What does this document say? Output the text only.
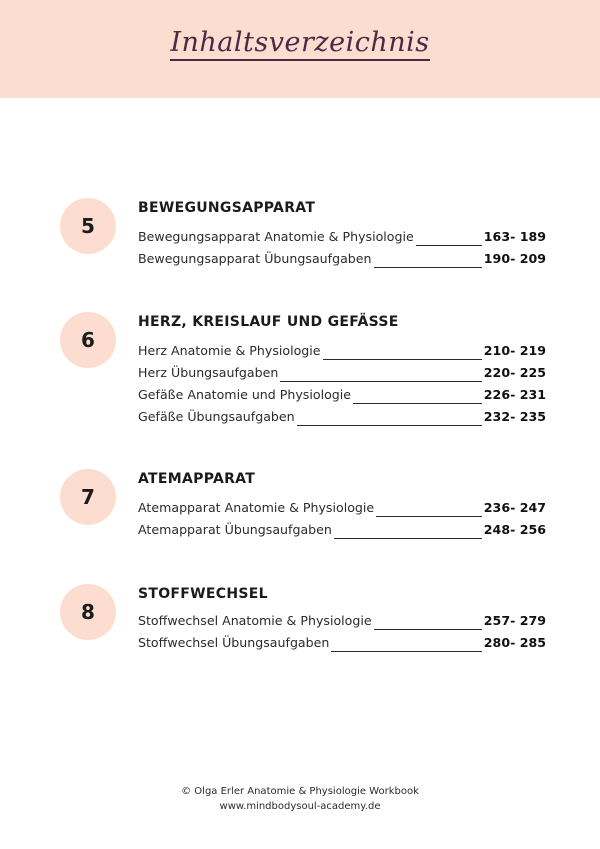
Inhaltsverzeichnis
5
BEWEGUNGSAPPARAT
Bewegungsapparat Anatomie & Physiologie	163- 189
Bewegungsapparat Übungsaufgaben	190- 209
6
HERZ, KREISLAUF UND GEFÄSSE
Herz Anatomie & Physiologie	210- 219
Herz Übungsaufgaben	220- 225
Gefäße Anatomie und Physiologie	226- 231
Gefäße Übungsaufgaben	232- 235
7
ATEMAPPARAT
Atemapparat Anatomie & Physiologie	236- 247
Atemapparat Übungsaufgaben	248- 256
8
STOFFWECHSEL
Stoffwechsel Anatomie & Physiologie	257- 279
Stoffwechsel Übungsaufgaben	280- 285
© Olga Erler Anatomie & Physiologie Workbook
www.mindbodysoul-academy.de
